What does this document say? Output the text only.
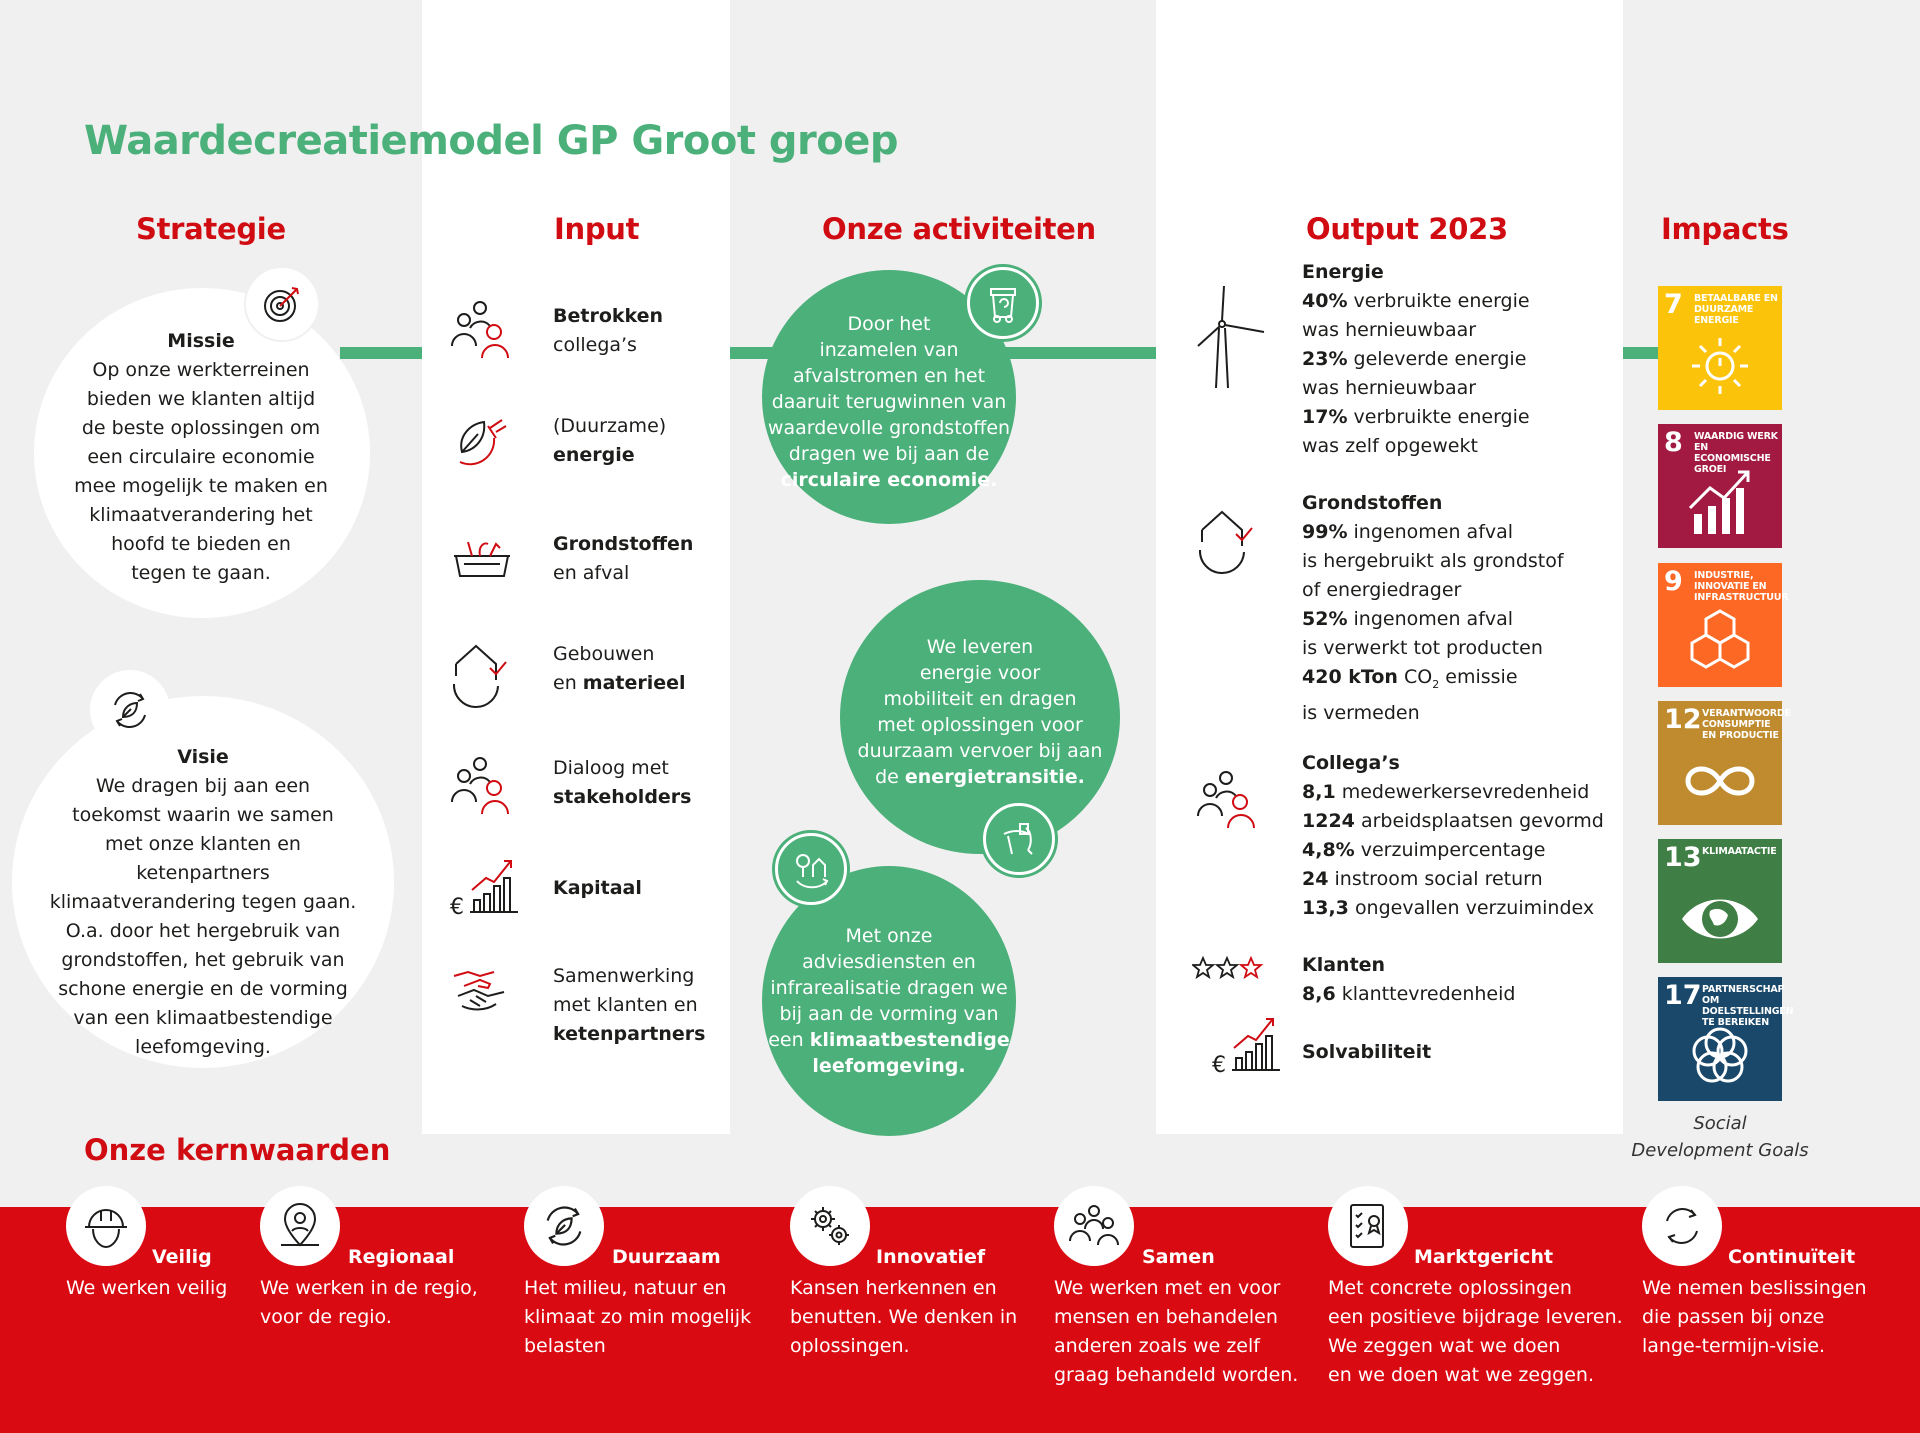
Waardecreatiemodel GP Groot groep
Strategie	Input	Onze activiteiten	Output 2023	Impacts
Missie
Op onze werkterreinen
bieden we klanten altijd
de beste oplossingen om
een circulaire economie
mee mogelijk te maken en
klimaatverandering het
hoofd te bieden en
tegen te gaan.
Visie
We dragen bij aan een
toekomst waarin we samen
met onze klanten en ketenpartners
klimaatverandering tegen gaan.
O.a. door het hergebruik van
grondstoffen, het gebruik van
schone energie en de vorming
van een klimaatbestendige
leefomgeving.
Betrokken
collega’s
(Duurzame)
energie
Grondstoffen
en afval
Gebouwen
en materieel
Dialoog met
stakeholders
€
Kapitaal
Samenwerking
met klanten en
ketenpartners
Door het
inzamelen van
afvalstromen en het
daaruit terugwinnen van
waardevolle grondstoffen
dragen we bij aan de
circulaire economie.
We leveren
energie voor
mobiliteit en dragen
met oplossingen voor
duurzaam vervoer bij aan
de energietransitie.
Met onze
adviesdiensten en
infrarealisatie dragen we
bij aan de vorming van
een klimaatbestendige
leefomgeving.
Energie
40% verbruikte energie
was hernieuwbaar
23% geleverde energie
was hernieuwbaar
17% verbruikte energie
was zelf opgewekt
Grondstoffen
99% ingenomen afval
is hergebruikt als grondstof
of energiedrager
52% ingenomen afval
is verwerkt tot producten
420 kTon $CO_2$ emissie
is vermeden
Collega’s
8,1 medewerkersevredenheid
1224 arbeidsplaatsen gevormd
4,8% verzuimpercentage
24 instroom social return
13,3 ongevallen verzuimindex
Klanten
8,6 klanttevredenheid
€
Solvabiliteit
7 BETAALBARE EN DUURZAME ENERGIE
8 WAARDIG WERK EN ECONOMISCHE GROEI
9 INDUSTRIE, INNOVATIE EN INFRASTRUCTUUR
12 VERANTWOORDE CONSUMPTIE EN PRODUCTIE
13 KLIMAATACTIE
17 PARTNERSCHAP OM DOELSTELLINGEN TE BEREIKEN
Social
Development Goals
Onze kernwaarden
Veilig
We werken veilig
Regionaal
We werken in de regio,
voor de regio.
Duurzaam
Het milieu, natuur en
klimaat zo min mogelijk
belasten
Innovatief
Kansen herkennen en
benutten. We denken in
oplossingen.
Samen
We werken met en voor
mensen en behandelen
anderen zoals we zelf
graag behandeld worden.
Marktgericht
Met concrete oplossingen
een positieve bijdrage leveren.
We zeggen wat we doen
en we doen wat we zeggen.
Continuïteit
We nemen beslissingen
die passen bij onze
lange-termijn-visie.
